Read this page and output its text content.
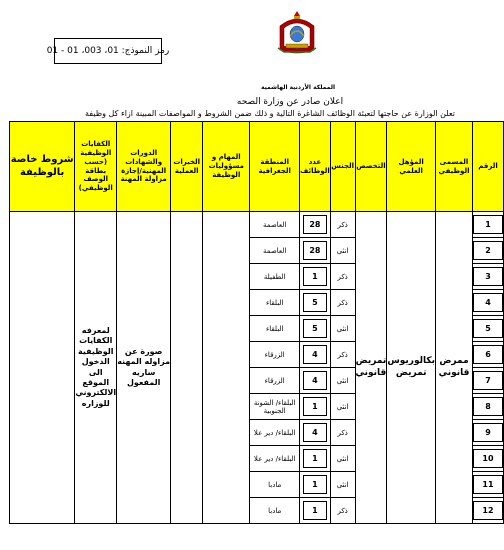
رمز النموذج: 01، 003، 01 - 01
المملكة الأردنية الهاشمية
اعلان صادر عن وزارة الصحه
تعلن الوزارة عن حاجتها لتعبئة الوظائف الشاغرة التالية و ذلك ضمن الشروط و المواصفات المبينة ازاء كل وظيفة
الرقم	المسمى الوظيفي	المؤهل العلمي	التخصص	الجنس	عدد الوظائف	المنطقة الجغرافية	المهام و مسؤوليات الوظيفة	الخبرات العملية	الدورات والشهادات المهنية/إجازة مزاولة المهنة	الكفايات الوظيفية (حسب بطاقة الوصف الوظيفي)	شروط خاصة بالوظيفة
1	ممرض قانوني	بكالوريوس تمريض	تمريض قانوني	ذكر	28	العاصمة			صورة عن مزاوله المهنه ساريه المفعول	لمعرفه الكفايات الوظيفية الدخول الى الموقع الالكتروني للوزاره	
2				انثى	28	العاصمة					
3				ذكر	1	الطفيلة					
4				ذكر	5	البلقاء					
5				انثى	5	البلقاء					
6				ذكر	4	الزرقاء					
7				انثى	4	الزرقاء					
8				انثى	1	البلقاء/ الشونة الجنوبية					
9				ذكر	4	البلقاء/ دير علا					
10				انثى	1	البلقاء/ دير علا					
11				انثى	1	مادبا					
12				ذكر	1	مادبا					
